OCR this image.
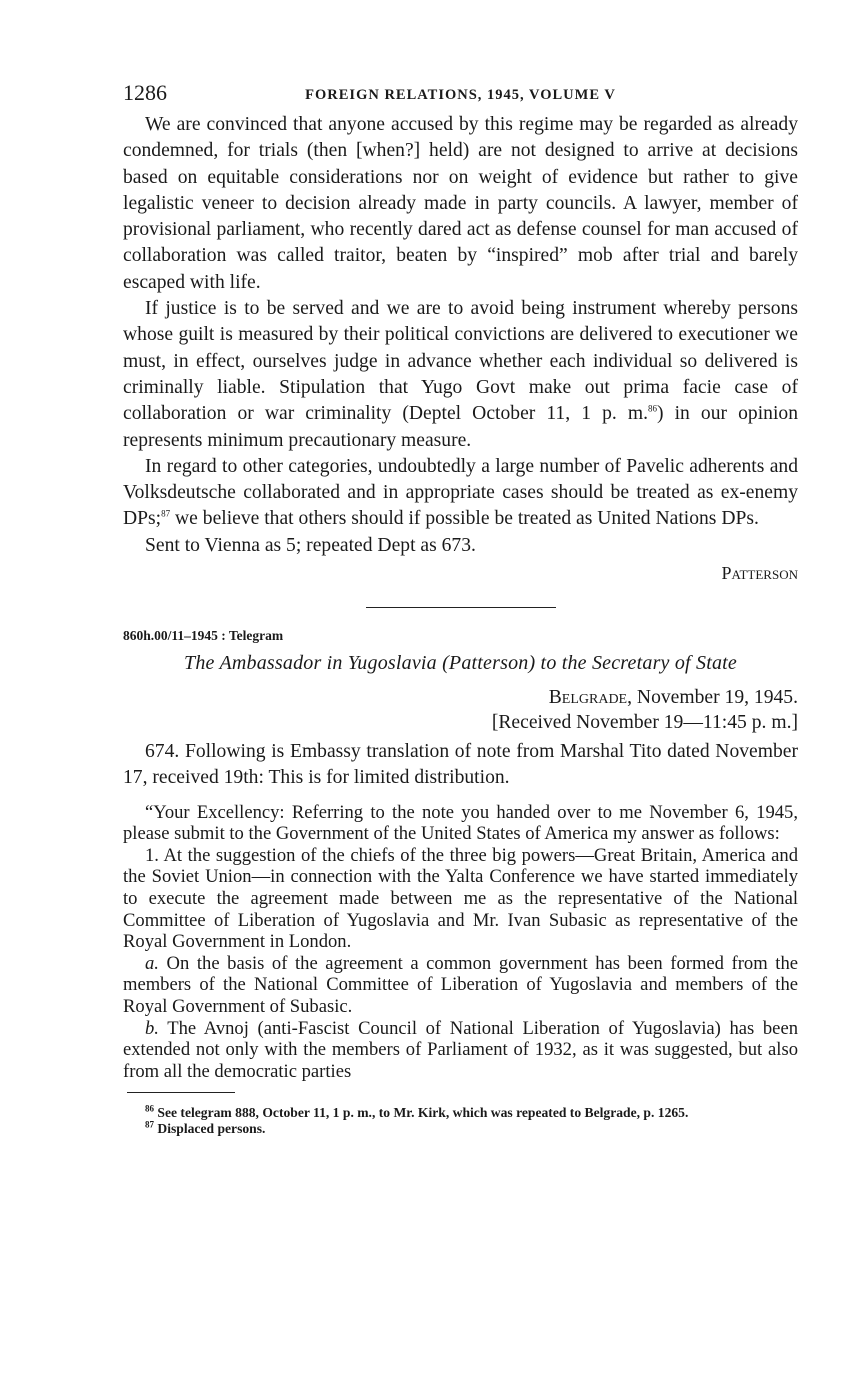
1286	FOREIGN RELATIONS, 1945, VOLUME V

We are convinced that anyone accused by this regime may be regarded as already condemned, for trials (then [when?] held) are not designed to arrive at decisions based on equitable considerations nor on weight of evidence but rather to give legalistic veneer to decision already made in party councils. A lawyer, member of provisional parliament, who recently dared act as defense counsel for man accused of collaboration was called traitor, beaten by “inspired” mob after trial and barely escaped with life.

If justice is to be served and we are to avoid being instrument whereby persons whose guilt is measured by their political convictions are delivered to executioner we must, in effect, ourselves judge in advance whether each individual so delivered is criminally liable. Stipulation that Yugo Govt make out prima facie case of collaboration or war criminality (Deptel October 11, 1 p. m.$^{86}$) in our opinion represents minimum precautionary measure.

In regard to other categories, undoubtedly a large number of Pavelic adherents and Volksdeutsche collaborated and in appropriate cases should be treated as ex-enemy DPs;$^{87}$ we believe that others should if possible be treated as United Nations DPs.

Sent to Vienna as 5; repeated Dept as 673.

Patterson
860h.00/11–1945 : Telegram
The Ambassador in Yugoslavia (Patterson) to the Secretary of State
Belgrade, November 19, 1945.
[Received November 19—11:45 p. m.]

674. Following is Embassy translation of note from Marshal Tito dated November 17, received 19th: This is for limited distribution.

“Your Excellency: Referring to the note you handed over to me November 6, 1945, please submit to the Government of the United States of America my answer as follows:

1. At the suggestion of the chiefs of the three big powers—Great Britain, America and the Soviet Union—in connection with the Yalta Conference we have started immediately to execute the agreement made between me as the representative of the National Committee of Liberation of Yugoslavia and Mr. Ivan Subasic as representative of the Royal Government in London.

a. On the basis of the agreement a common government has been formed from the members of the National Committee of Liberation of Yugoslavia and members of the Royal Government of Subasic.

b. The Avnoj (anti-Fascist Council of National Liberation of Yugoslavia) has been extended not only with the members of Parliament of 1932, as it was suggested, but also from all the democratic parties

$^{86}$ See telegram 888, October 11, 1 p. m., to Mr. Kirk, which was repeated to Belgrade, p. 1265.

$^{87}$ Displaced persons.
